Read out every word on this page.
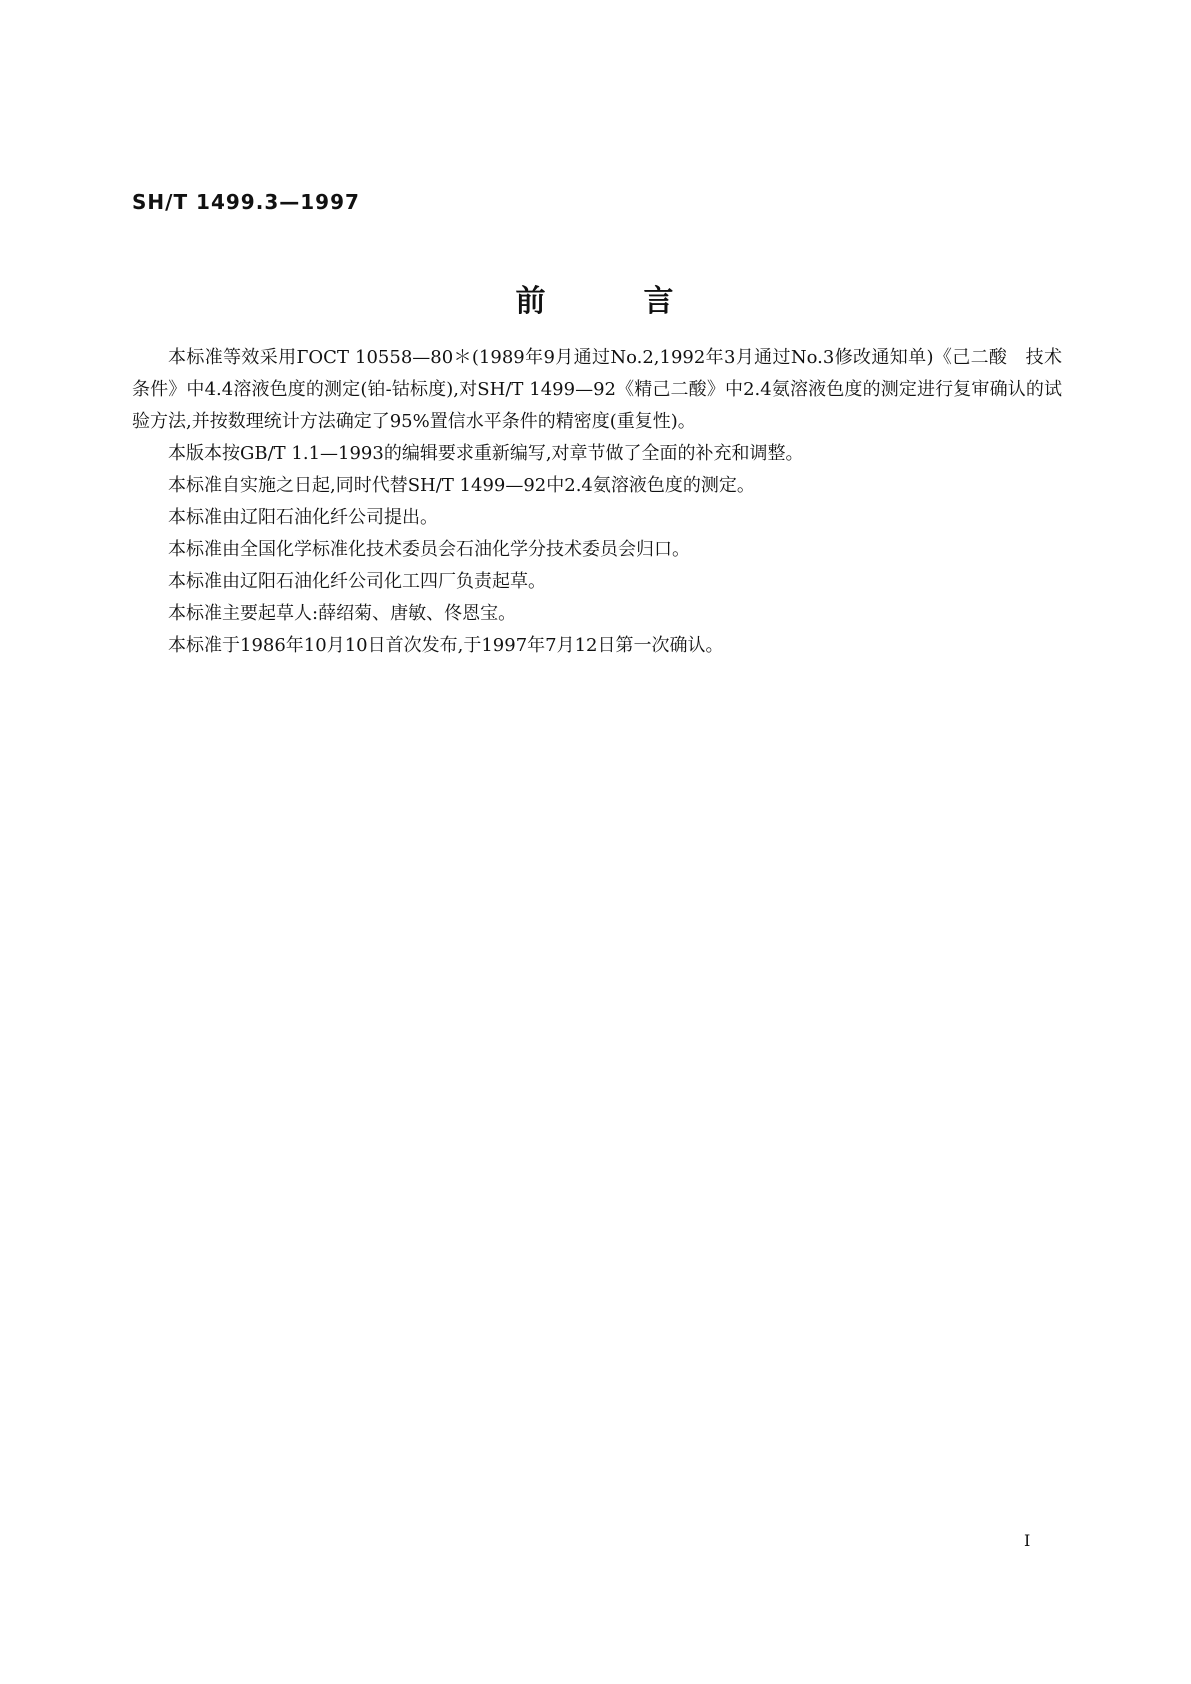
SH/T 1499.3—1997
前	言

本标准等效采用ГОСТ 10558—80＊(1989年9月通过No.2,1992年3月通过No.3修改通知单)《己二酸　技术条件》中4.4溶液色度的测定(铂-钴标度),对SH/T 1499—92《精己二酸》中2.4氨溶液色度的测定进行复审确认的试验方法,并按数理统计方法确定了95%置信水平条件的精密度(重复性)。

本版本按GB/T 1.1—1993的编辑要求重新编写,对章节做了全面的补充和调整。

本标准自实施之日起,同时代替SH/T 1499—92中2.4氨溶液色度的测定。

本标准由辽阳石油化纤公司提出。

本标准由全国化学标准化技术委员会石油化学分技术委员会归口。

本标准由辽阳石油化纤公司化工四厂负责起草。

本标准主要起草人:薛绍菊、唐敏、佟恩宝。

本标准于1986年10月10日首次发布,于1997年7月12日第一次确认。

I
